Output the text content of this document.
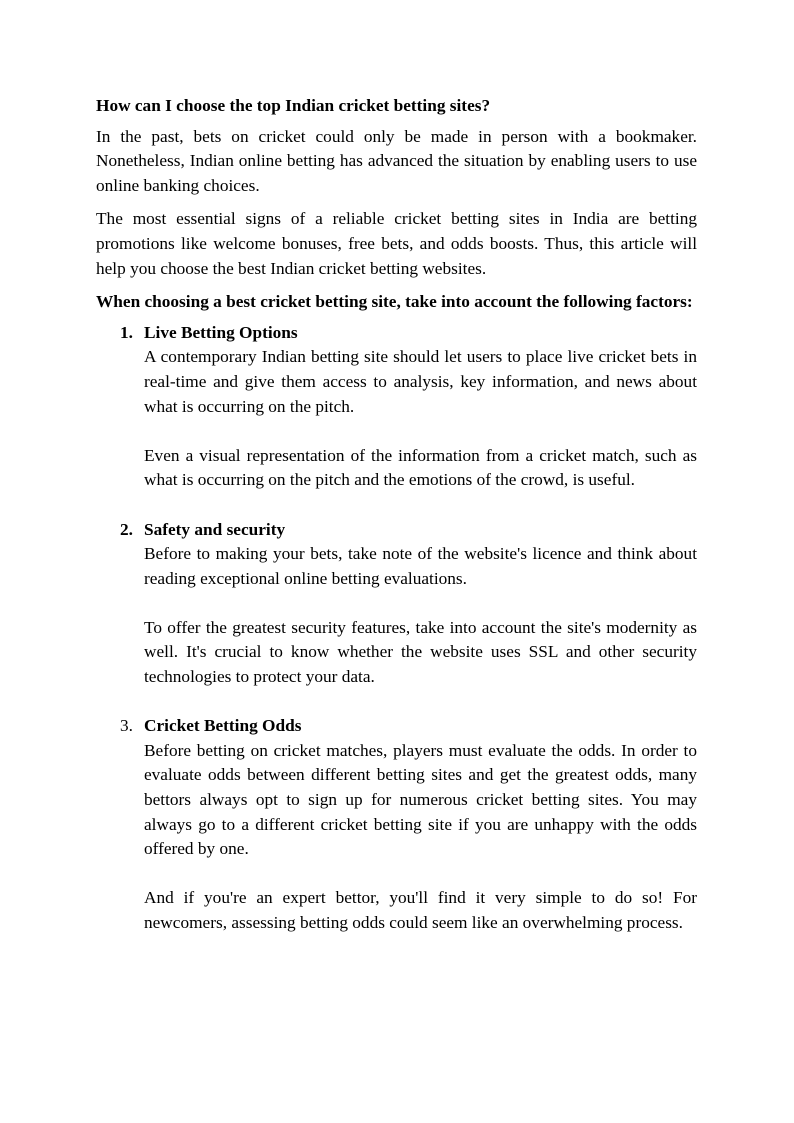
How can I choose the top Indian cricket betting sites?

In the past, bets on cricket could only be made in person with a bookmaker. Nonetheless, Indian online betting has advanced the situation by enabling users to use online banking choices.

The most essential signs of a reliable cricket betting sites in India are betting promotions like welcome bonuses, free bets, and odds boosts. Thus, this article will help you choose the best Indian cricket betting websites.

When choosing a best cricket betting site, take into account the following factors:

1. Live Betting Options

A contemporary Indian betting site should let users to place live cricket bets in real-time and give them access to analysis, key information, and news about what is occurring on the pitch.

Even a visual representation of the information from a cricket match, such as what is occurring on the pitch and the emotions of the crowd, is useful.

2. Safety and security

Before to making your bets, take note of the website's licence and think about reading exceptional online betting evaluations.

To offer the greatest security features, take into account the site's modernity as well. It's crucial to know whether the website uses SSL and other security technologies to protect your data.

3. Cricket Betting Odds

Before betting on cricket matches, players must evaluate the odds. In order to evaluate odds between different betting sites and get the greatest odds, many bettors always opt to sign up for numerous cricket betting sites. You may always go to a different cricket betting site if you are unhappy with the odds offered by one.

And if you're an expert bettor, you'll find it very simple to do so! For newcomers, assessing betting odds could seem like an overwhelming process.
